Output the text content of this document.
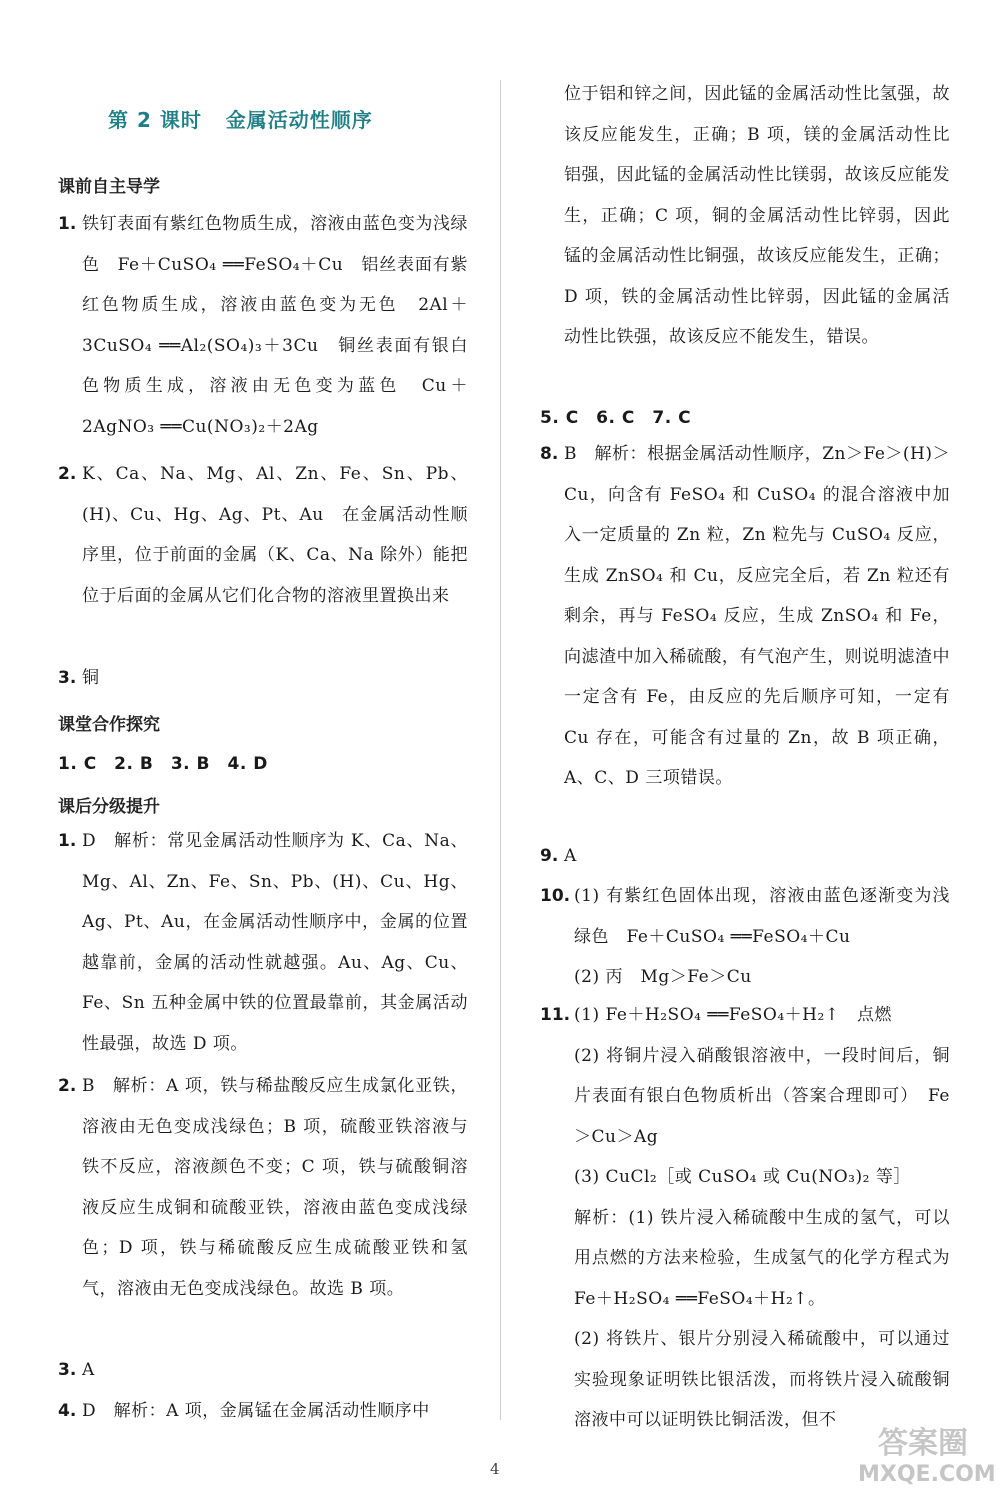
第 2 课时   金属活动性顺序
课前自主导学
1. 铁钉表面有紫红色物质生成，溶液由蓝色变为浅绿色　Fe＋CuSO₄ ══FeSO₄＋Cu　铝丝表面有紫红色物质生成，溶液由蓝色变为无色　2Al＋3CuSO₄ ══Al₂(SO₄)₃＋3Cu　铜丝表面有银白色物质生成，溶液由无色变为蓝色　Cu＋2AgNO₃ ══Cu(NO₃)₂＋2Ag
2. K、Ca、Na、Mg、Al、Zn、Fe、Sn、Pb、(H)、Cu、Hg、Ag、Pt、Au　在金属活动性顺序里，位于前面的金属（K、Ca、Na 除外）能把位于后面的金属从它们化合物的溶液里置换出来
3. 铜
课堂合作探究
1. C　2. B　3. B　4. D
课后分级提升
1. D　解析：常见金属活动性顺序为 K、Ca、Na、Mg、Al、Zn、Fe、Sn、Pb、(H)、Cu、Hg、Ag、Pt、Au，在金属活动性顺序中，金属的位置越靠前，金属的活动性就越强。Au、Ag、Cu、Fe、Sn 五种金属中铁的位置最靠前，其金属活动性最强，故选 D 项。
2. B　解析：A 项，铁与稀盐酸反应生成氯化亚铁，溶液由无色变成浅绿色；B 项，硫酸亚铁溶液与铁不反应，溶液颜色不变；C 项，铁与硫酸铜溶液反应生成铜和硫酸亚铁，溶液由蓝色变成浅绿色；D 项，铁与稀硫酸反应生成硫酸亚铁和氢气，溶液由无色变成浅绿色。故选 B 项。
3. A
4. D　解析：A 项，金属锰在金属活动性顺序中
位于铝和锌之间，因此锰的金属活动性比氢强，故该反应能发生，正确；B 项，镁的金属活动性比铝强，因此锰的金属活动性比镁弱，故该反应能发生，正确；C 项，铜的金属活动性比锌弱，因此锰的金属活动性比铜强，故该反应能发生，正确；D 项，铁的金属活动性比锌弱，因此锰的金属活动性比铁强，故该反应不能发生，错误。
5. C　6. C　7. C
8. B　解析：根据金属活动性顺序，Zn＞Fe＞(H)＞Cu，向含有 FeSO₄ 和 CuSO₄ 的混合溶液中加入一定质量的 Zn 粒，Zn 粒先与 CuSO₄ 反应，生成 ZnSO₄ 和 Cu，反应完全后，若 Zn 粒还有剩余，再与 FeSO₄ 反应，生成 ZnSO₄ 和 Fe，向滤渣中加入稀硫酸，有气泡产生，则说明滤渣中一定含有 Fe，由反应的先后顺序可知，一定有 Cu 存在，可能含有过量的 Zn，故 B 项正确，A、C、D 三项错误。
9. A
10. (1) 有紫红色固体出现，溶液由蓝色逐渐变为浅绿色　Fe＋CuSO₄ ══FeSO₄＋Cu
(2) 丙　Mg＞Fe＞Cu
11. (1) Fe＋H₂SO₄ ══FeSO₄＋H₂↑　点燃
(2) 将铜片浸入硝酸银溶液中，一段时间后，铜片表面有银白色物质析出（答案合理即可）　Fe＞Cu＞Ag
(3) CuCl₂［或 CuSO₄ 或 Cu(NO₃)₂ 等］
解析：(1) 铁片浸入稀硫酸中生成的氢气，可以用点燃的方法来检验，生成氢气的化学方程式为 Fe＋H₂SO₄ ══FeSO₄＋H₂↑。
(2) 将铁片、银片分别浸入稀硫酸中，可以通过实验现象证明铁比银活泼，而将铁片浸入硫酸铜溶液中可以证明铁比铜活泼，但不
4
答案圈
MXQE.COM
